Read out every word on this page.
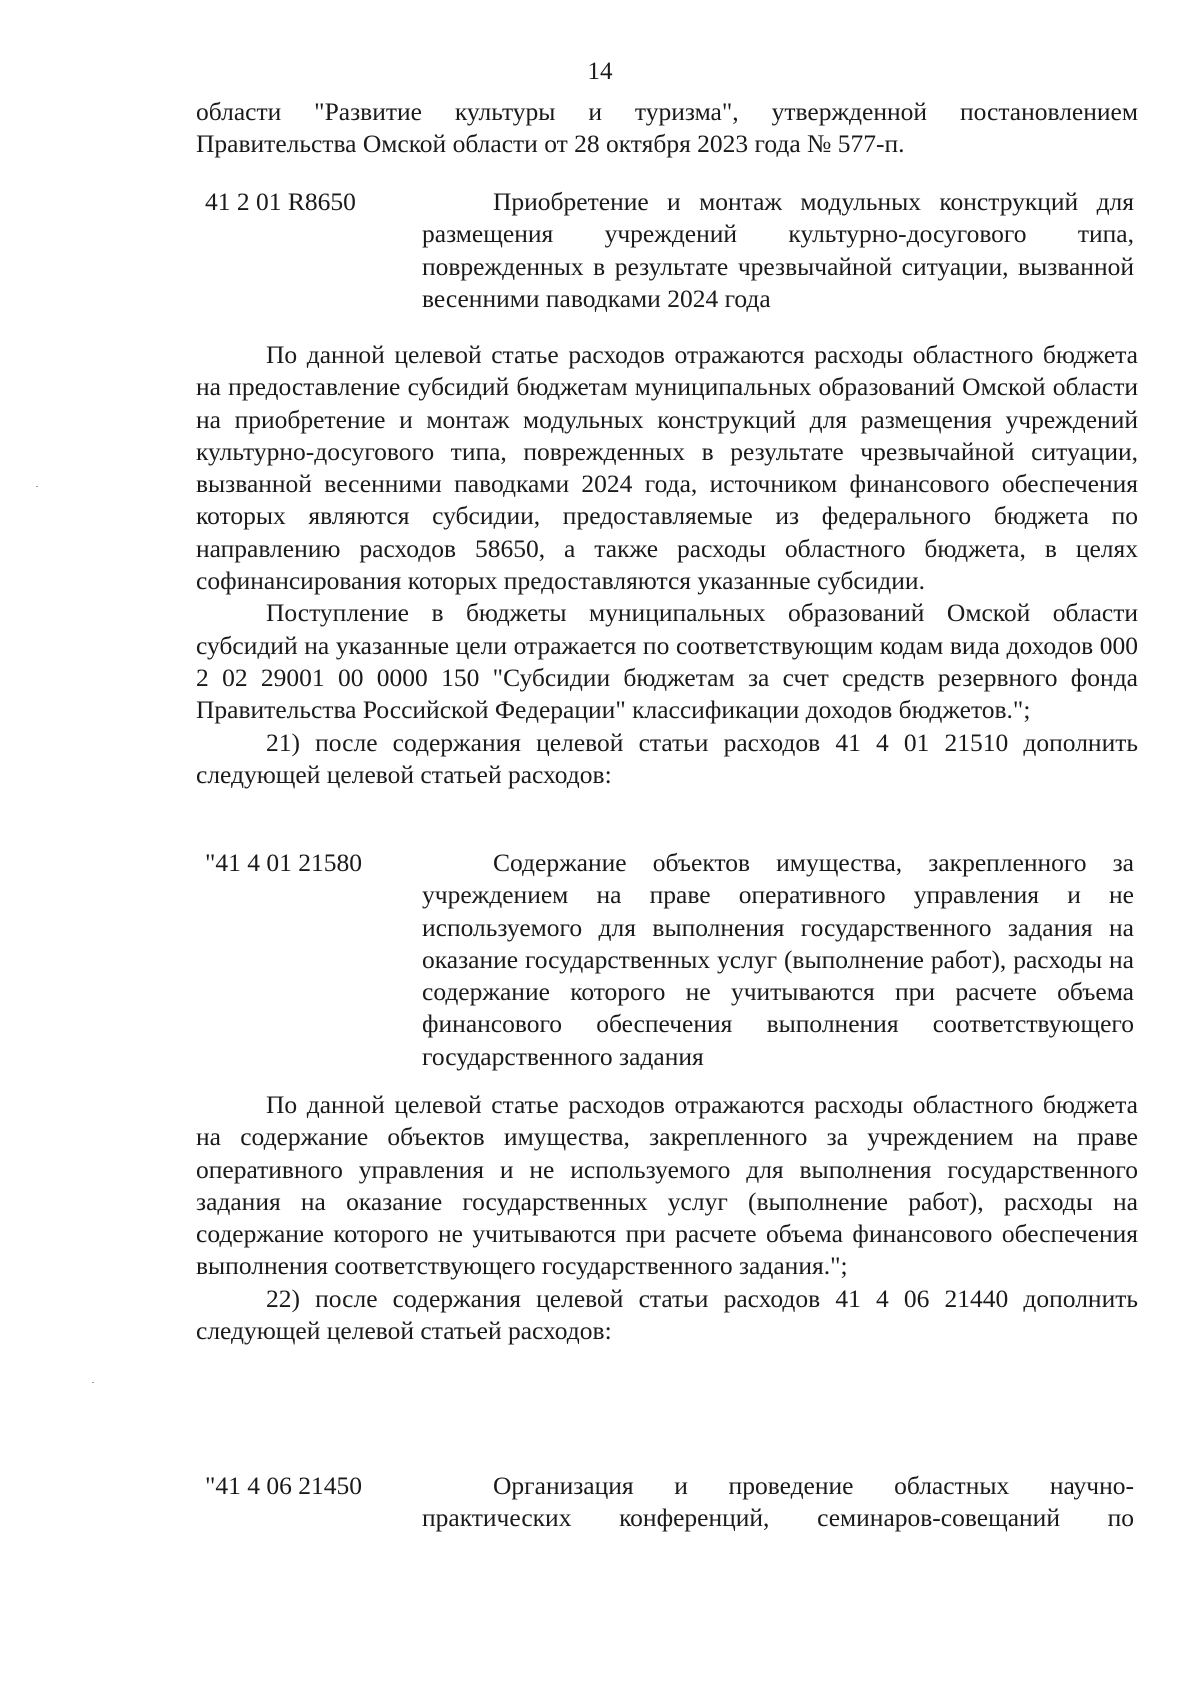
14

области "Развитие культуры и туризма", утвержденной постановлением Правительства Омской области от 28 октября 2023 года № 577-п.

41 2 01 R8650	Приобретение и монтаж модульных конструкций для размещения учреждений культурно-досугового типа, поврежденных в результате чрезвычайной ситуации, вызванной весенними паводками 2024 года

По данной целевой статье расходов отражаются расходы областного бюджета на предоставление субсидий бюджетам муниципальных образований Омской области на приобретение и монтаж модульных конструкций для размещения учреждений культурно-досугового типа, поврежденных в результате чрезвычайной ситуации, вызванной весенними паводками 2024 года, источником финансового обеспечения которых являются субсидии, предоставляемые из федерального бюджета по направлению расходов 58650, а также расходы областного бюджета, в целях софинансирования которых предоставляются указанные субсидии.

Поступление в бюджеты муниципальных образований Омской области субсидий на указанные цели отражается по соответствующим кодам вида доходов 000 2 02 29001 00 0000 150 "Субсидии бюджетам за счет средств резервного фонда Правительства Российской Федерации" классификации доходов бюджетов.";

21) после содержания целевой статьи расходов 41 4 01 21510 дополнить следующей целевой статьей расходов:

"41 4 01 21580	Содержание объектов имущества, закрепленного за учреждением на праве оперативного управления и не используемого для выполнения государственного задания на оказание государственных услуг (выполнение работ), расходы на содержание которого не учитываются при расчете объема финансового обеспечения выполнения соответствующего государственного задания

По данной целевой статье расходов отражаются расходы областного бюджета на содержание объектов имущества, закрепленного за учреждением на праве оперативного управления и не используемого для выполнения государственного задания на оказание государственных услуг (выполнение работ), расходы на содержание которого не учитываются при расчете объема финансового обеспечения выполнения соответствующего государственного задания.";

22) после содержания целевой статьи расходов 41 4 06 21440 дополнить следующей целевой статьей расходов:

"41 4 06 21450	Организация и проведение областных научно-практических конференций, семинаров-совещаний по
